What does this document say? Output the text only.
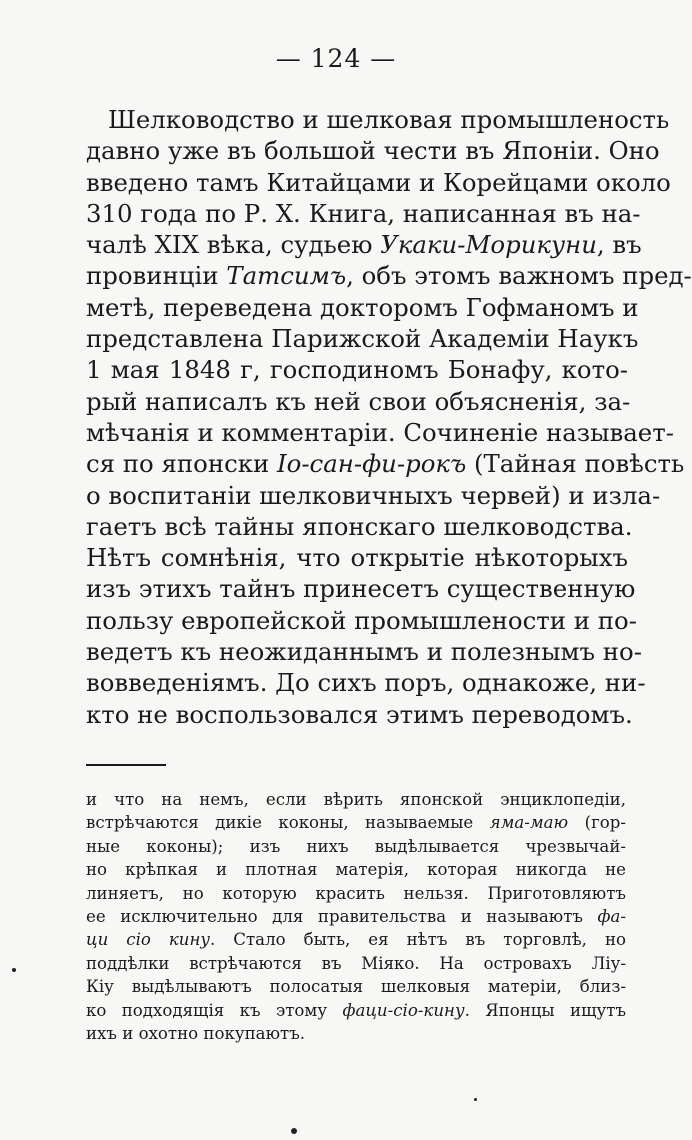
— 124 —
Шелководство и шелковая промышленость
давно уже въ большой чести въ Японіи. Оно
введено тамъ Китайцами и Корейцами около
310 года по Р. Х. Книга, написанная въ на-
чалѣ XIX вѣка, судьею Укаки-Морикуни, въ
провинціи Татсимъ, объ этомъ важномъ пред-
метѣ, переведена докторомъ Гофманомъ и
представлена Парижской Академіи Наукъ
1 мая 1848 г, господиномъ Бонафу, кото-
рый написалъ къ ней свои объясненія, за-
мѣчанія и комментаріи. Сочиненіе называет-
ся по японски Іо-сан-фи-рокъ (Тайная повѣсть
о воспитаніи шелковичныхъ червей) и изла-
гаетъ всѣ тайны японскаго шелководства.
Нѣтъ сомнѣнія, что открытіе нѣкоторыхъ
изъ этихъ тайнъ принесетъ существенную
пользу европейской промышлености и по-
ведетъ къ неожиданнымъ и полезнымъ но-
вовведеніямъ. До сихъ поръ, однакоже, ни-
кто не воспользовался этимъ переводомъ.
и что на немъ, если вѣрить японской энциклопедіи,
встрѣчаются дикіе коконы, называемые яма-маю (гор-
ные коконы); изъ нихъ выдѣлывается чрезвычай-
но крѣпкая и плотная матерія, которая никогда не
линяетъ, но которую красить нельзя. Приготовляютъ
ее исключительно для правительства и называютъ фа-
ци сіо кину. Стало быть, ея нѣтъ въ торговлѣ, но
поддѣлки встрѣчаются въ Міяко. На островахъ Ліу-
Кіу выдѣлываютъ полосатыя шелковыя матеріи, близ-
ко подходящія къ этому фаци-сіо-кину. Японцы ищутъ
ихъ и охотно покупаютъ.
